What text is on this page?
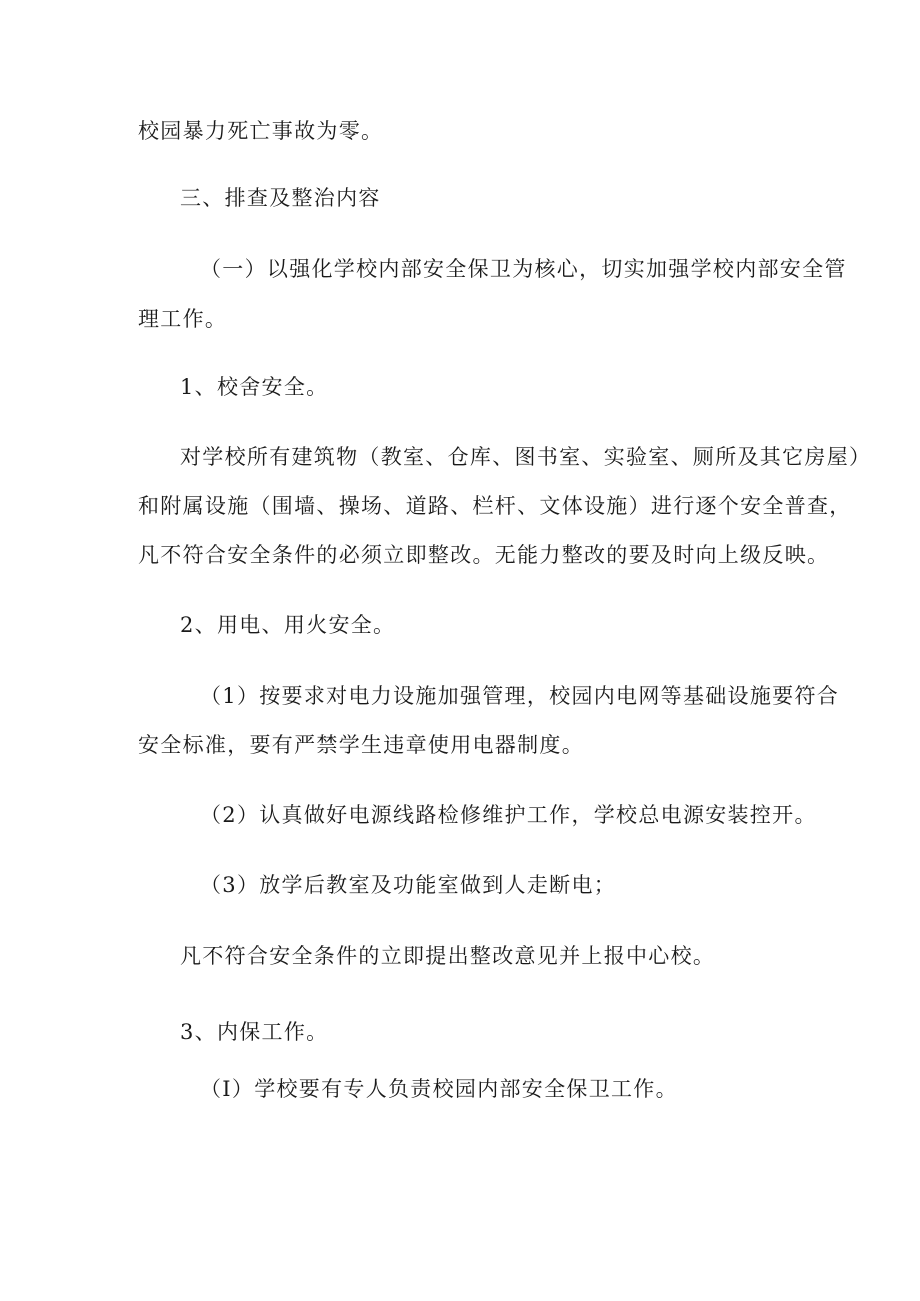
校园暴力死亡事故为零。

三、排查及整治内容

（一）以强化学校内部安全保卫为核心，切实加强学校内部安全管

理工作。

1、校舍安全。

对学校所有建筑物（教室、仓库、图书室、实验室、厕所及其它房屋）

和附属设施（围墙、操场、道路、栏杆、文体设施）进行逐个安全普查，

凡不符合安全条件的必须立即整改。无能力整改的要及时向上级反映。

2、用电、用火安全。

（1）按要求对电力设施加强管理，校园内电网等基础设施要符合

安全标准，要有严禁学生违章使用电器制度。

（2）认真做好电源线路检修维护工作，学校总电源安装控开。

（3）放学后教室及功能室做到人走断电；

凡不符合安全条件的立即提出整改意见并上报中心校。

3、内保工作。

（I）学校要有专人负责校园内部安全保卫工作。
